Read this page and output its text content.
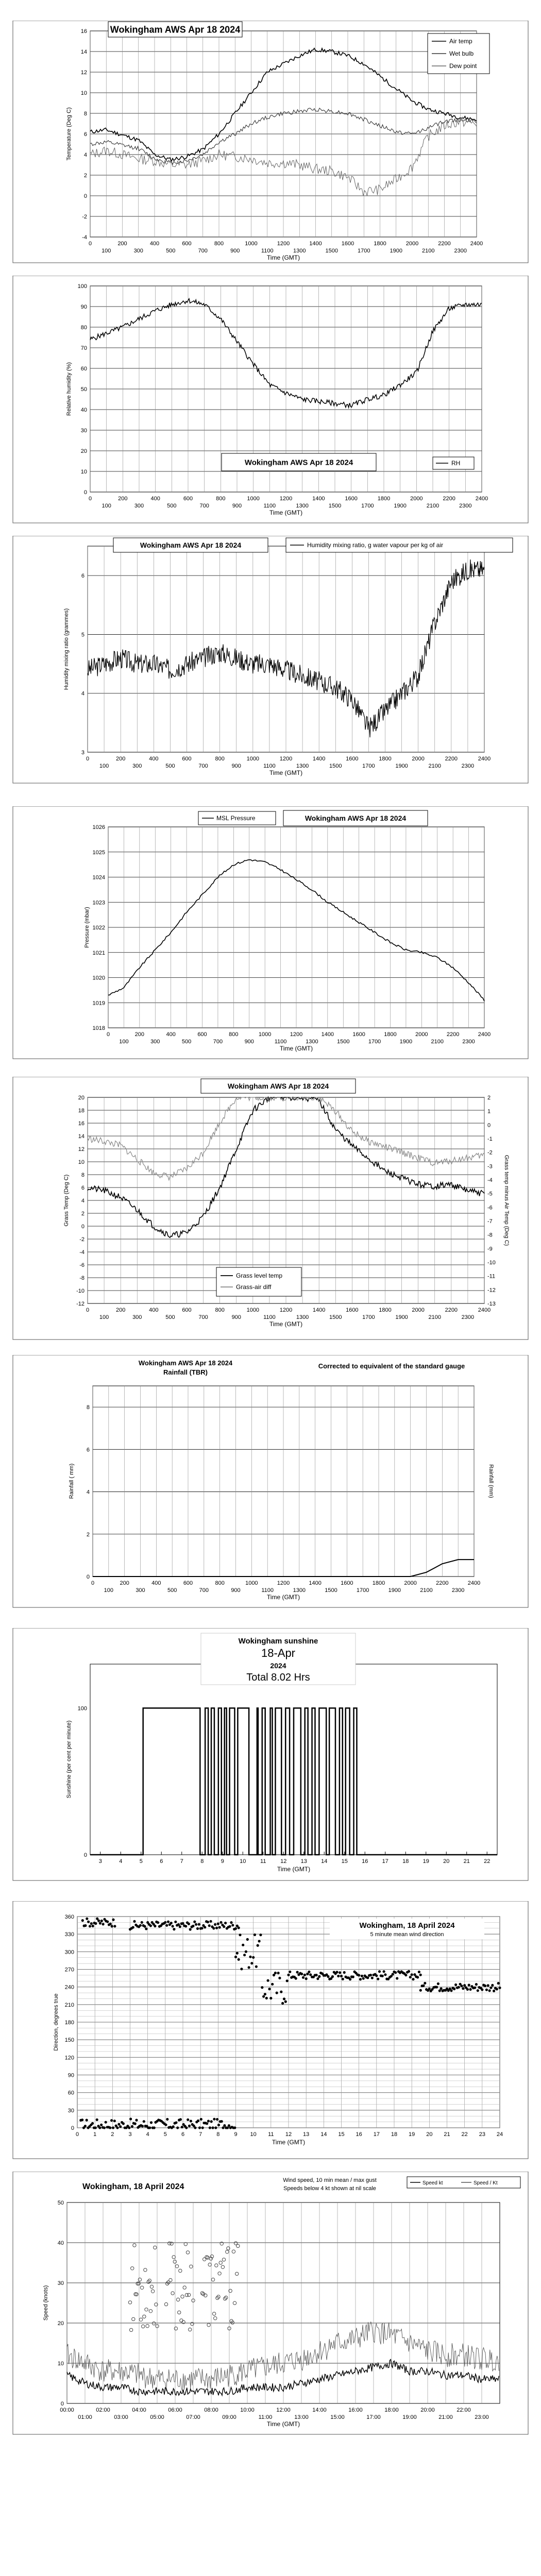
-4
-2
0
2
4
6
8
10
12
14
16
0
100
200
300
400
500
600
700
800
900
1000
1100
1200
1300
1400
1500
1600
1700
1800
1900
2000
2100
2200
2300
2400
Time (GMT)
Temperature (Deg C)
Wokingham AWS Apr 18 2024
Air temp
Wet bulb
Dew point
0
10
20
30
40
50
60
70
80
90
100
0
100
200
300
400
500
600
700
800
900
1000
1100
1200
1300
1400
1500
1600
1700
1800
1900
2000
2100
2200
2300
2400
Time (GMT)
Relative humidity (%)
Wokingham AWS Apr 18 2024	RH
3
4
5
6
0
100
200
300
400
500
600
700
800
900
1000
1100
1200
1300
1400
1500
1600
1700
1800
1900
2000
2100
2200
2300
2400
Time (GMT)
Humidity mixing ratio (grammes)
Wokingham AWS Apr 18 2024	Humidity mixing ratio, g water vapour per kg of air
1018
1019
1020
1021
1022
1023
1024
1025
1026
0
100
200
300
400
500
600
700
800
900
1000
1100
1200
1300
1400
1500
1600
1700
1800
1900
2000
2100
2200
2300
2400
Time (GMT)
Pressure (mbar)
MSL Pressure	Wokingham AWS Apr 18 2024
-12
-10
-8
-6
-4
-2
0
2
4
6
8
10
12
14
16
18
20
0
100
200
300
400
500
600
700
800
900
1000
1100
1200
1300
1400
1500
1600
1700
1800
1900
2000
2100
2200
2300
2400
Time (GMT)
Grass Temp (Deg C)
-13
-12
-11
-10
-9
-8
-7
-6
-5
-4
-3
-2
-1
0
1
2
Grass temp minus Air Temp (Deg C)
Wokingham AWS Apr 18 2024
Grass level temp
Grass-air diff
0
2
4
6
8
0
100
200
300
400
500
600
700
800
900
1000
1100
1200
1300
1400
1500
1600
1700
1800
1900
2000
2100
2200
2300
2400
Time (GMT)
Rainfall ( mm)	Rainfall (mm)
Wokingham AWS Apr 18 2024
Rainfall (TBR)
Corrected to equivalent of the standard gauge
0
100
3	4	5	6	7	8	9	10	11	12 13 14 15 16 17 18 19 20 21 22
Time (GMT)
Sunshine (per cent per minute)
Wokingham sunshine
18-Apr
2024
Total 8.02 Hrs
0
30
60
90
120
150
180
210
240
270
300
330
360
0	1	2	3	4	5	6	7	8	9 10 11 12 13 14 15 16 17 18 19 20 21 22 23 24
Time (GMT)
Direction, degrees true
Wokingham, 18 April 2024
5 minute mean wind direction
0
10
20
30
40
50
00:00
01:00
02:00
03:00
04:00
05:00
06:00
07:00
08:00
09:00
10:00
11:00
12:00
13:00
14:00
15:00
16:00
17:00
18:00
19:00
20:00
21:00
22:00
23:00
Time (GMT)
Speed (knots)
Wokingham, 18 April 2024
Wind speed, 10 min mean / max gust
Speeds below 4 kt shown at nil scale
Speed kt	Speed / Kt
